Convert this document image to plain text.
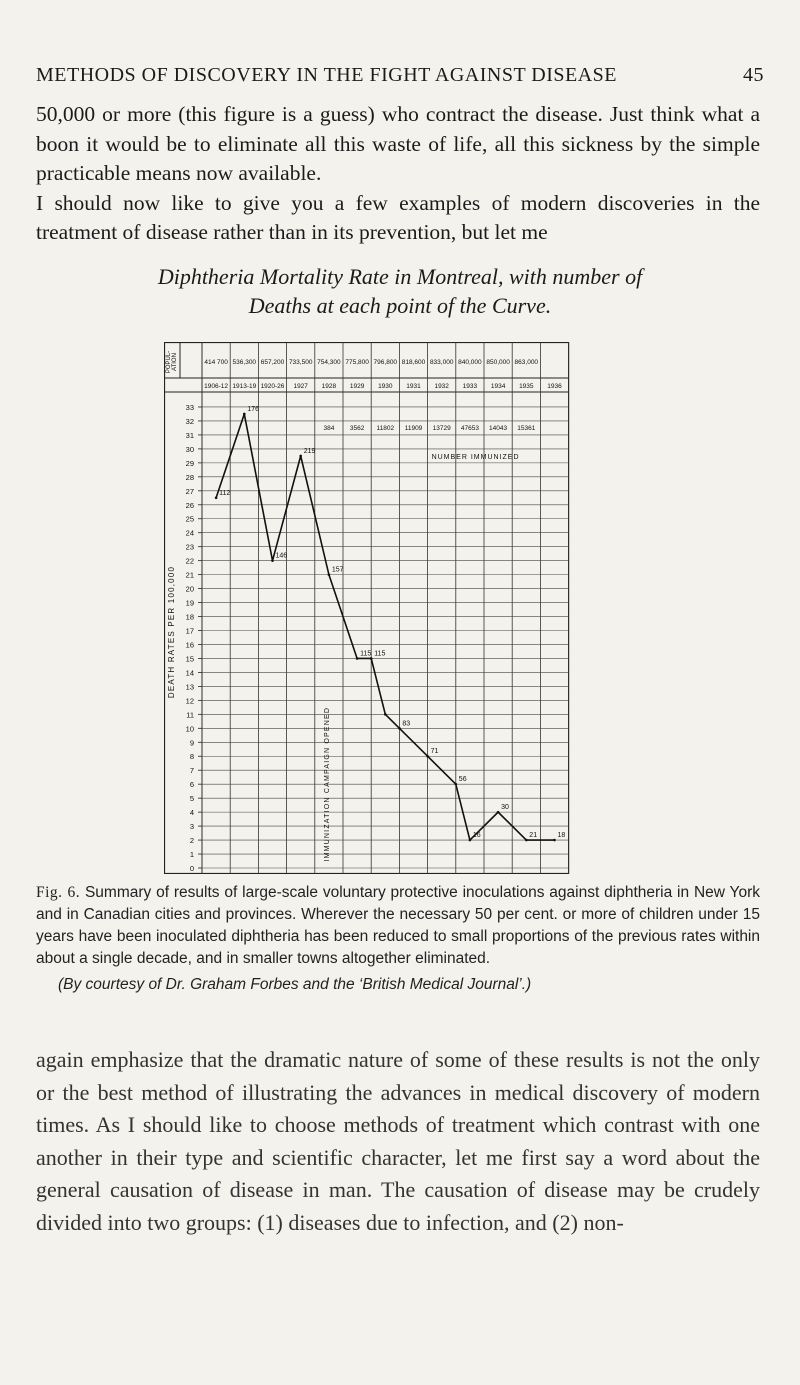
METHODS OF DISCOVERY IN THE FIGHT AGAINST DISEASE	45

50,000 or more (this figure is a guess) who contract the disease. Just think what a boon it would be to eliminate all this waste of life, all this sickness by the simple practicable means now available.

I should now like to give you a few examples of modern discoveries in the treatment of disease rather than in its prevention, but let me

Diphtheria Mortality Rate in Montreal, with number of
Deaths at each point of the Curve.
0
1
2
3
4
5
6
7
8
9
10
11
12
13
14
15
16
17
18
19
20
21
22
23
24
25
26
27
28
29
30
31
32
33
POPUL- ATION
DEATH RATES PER 100,000
414 700 536,300 657,200 733,500 754,300 775,800 796,800 818,600 833,000 840,000 850,000 863,000
1906-12 1913-19 1920-26 1927 1928 1929 1930 1931 1932 1933 1934 1935 1936
384 3562 11802 11909 13729 47653 14043 15361
NUMBER IMMUNIZED
IMMUNIZATION CAMPAIGN OPENED
112
176
146
219
157
115 115
83
71
56
16
30
21	18

Fig. 6. Summary of results of large-scale voluntary protective inoculations against diphtheria in New York and in Canadian cities and provinces. Wherever the necessary 50 per cent. or more of children under 15 years have been inoculated diphtheria has been reduced to small proportions of the previous rates within about a single decade, and in smaller towns altogether eliminated.

(By courtesy of Dr. Graham Forbes and the ‘British Medical Journal’.)

again emphasize that the dramatic nature of some of these results is not the only or the best method of illustrating the advances in medical discovery of modern times. As I should like to choose methods of treatment which contrast with one another in their type and scientific character, let me first say a word about the general causation of disease in man. The causation of disease may be crudely divided into two groups: (1) diseases due to infection, and (2) non-
